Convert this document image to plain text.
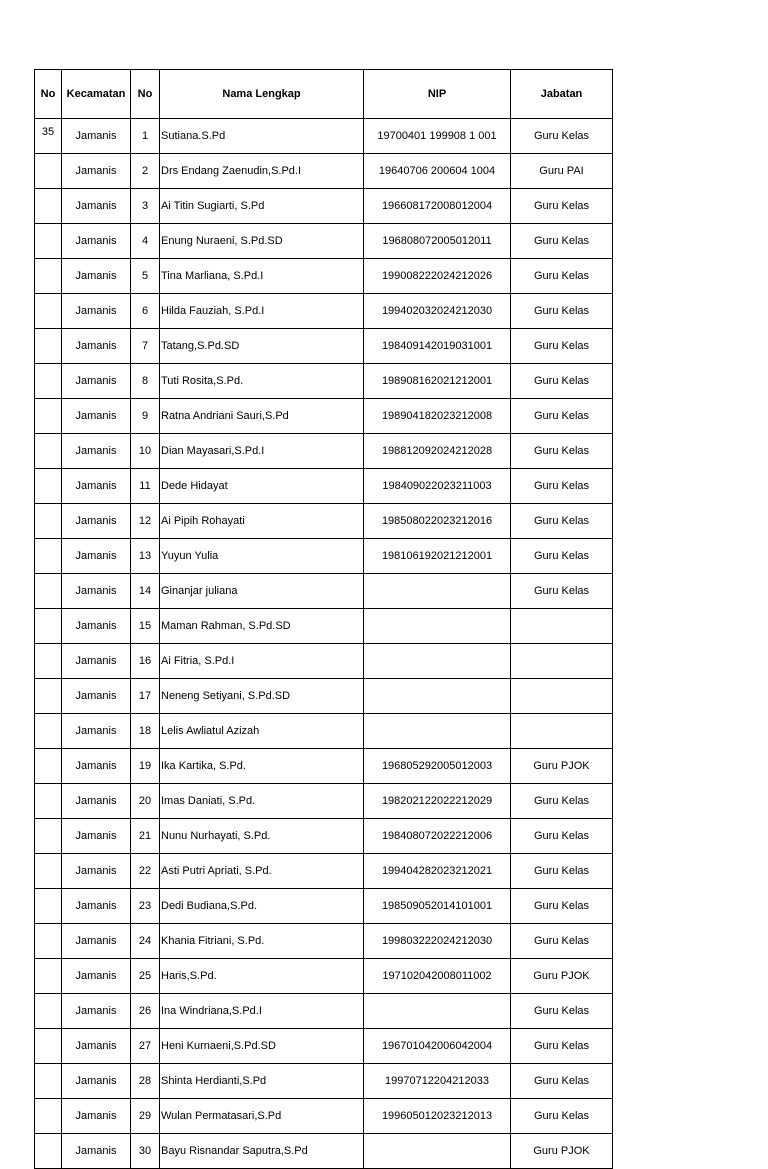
No	Kecamatan	No	Nama Lengkap	NIP	Jabatan
35	Jamanis	1	Sutiana.S.Pd	19700401 199908 1 001	Guru Kelas
	Jamanis	2	Drs Endang Zaenudin,S.Pd.I	19640706 200604 1004	Guru PAI
	Jamanis	3	Ai Titin Sugiarti, S.Pd	196608172008012004	Guru Kelas
	Jamanis	4	Enung Nuraeni, S.Pd.SD	196808072005012011	Guru Kelas
	Jamanis	5	Tina Marliana, S.Pd.I	199008222024212026	Guru Kelas
	Jamanis	6	Hilda Fauziah, S.Pd.I	199402032024212030	Guru Kelas
	Jamanis	7	Tatang,S.Pd.SD	198409142019031001	Guru Kelas
	Jamanis	8	Tuti Rosita,S.Pd.	198908162021212001	Guru Kelas
	Jamanis	9	Ratna Andriani Sauri,S.Pd	198904182023212008	Guru Kelas
	Jamanis	10	Dian Mayasari,S.Pd.I	198812092024212028	Guru Kelas
	Jamanis	11	Dede Hidayat	198409022023211003	Guru Kelas
	Jamanis	12	Ai Pipih Rohayati	198508022023212016	Guru Kelas
	Jamanis	13	Yuyun Yulia	198106192021212001	Guru Kelas
	Jamanis	14	Ginanjar juliana		Guru Kelas
	Jamanis	15	Maman Rahman, S.Pd.SD		
	Jamanis	16	Ai Fitria, S.Pd.I		
	Jamanis	17	Neneng Setiyani, S.Pd.SD		
	Jamanis	18	Lelis Awliatul Azizah		
	Jamanis	19	Ika Kartika, S.Pd.	196805292005012003	Guru PJOK
	Jamanis	20	Imas Daniati, S.Pd.	198202122022212029	Guru Kelas
	Jamanis	21	Nunu Nurhayati, S.Pd.	198408072022212006	Guru Kelas
	Jamanis	22	Asti Putri Apriati, S.Pd.	199404282023212021	Guru Kelas
	Jamanis	23	Dedi Budiana,S.Pd.	198509052014101001	Guru Kelas
	Jamanis	24	Khania Fitriani, S.Pd.	199803222024212030	Guru Kelas
	Jamanis	25	Haris,S.Pd.	197102042008011002	Guru PJOK
	Jamanis	26	Ina Windriana,S.Pd.I		Guru Kelas
	Jamanis	27	Heni Kurnaeni,S.Pd.SD	196701042006042004	Guru Kelas
	Jamanis	28	Shinta Herdianti,S.Pd	19970712204212033	Guru Kelas
	Jamanis	29	Wulan Permatasari,S.Pd	199605012023212013	Guru Kelas
	Jamanis	30	Bayu Risnandar Saputra,S.Pd		Guru PJOK
